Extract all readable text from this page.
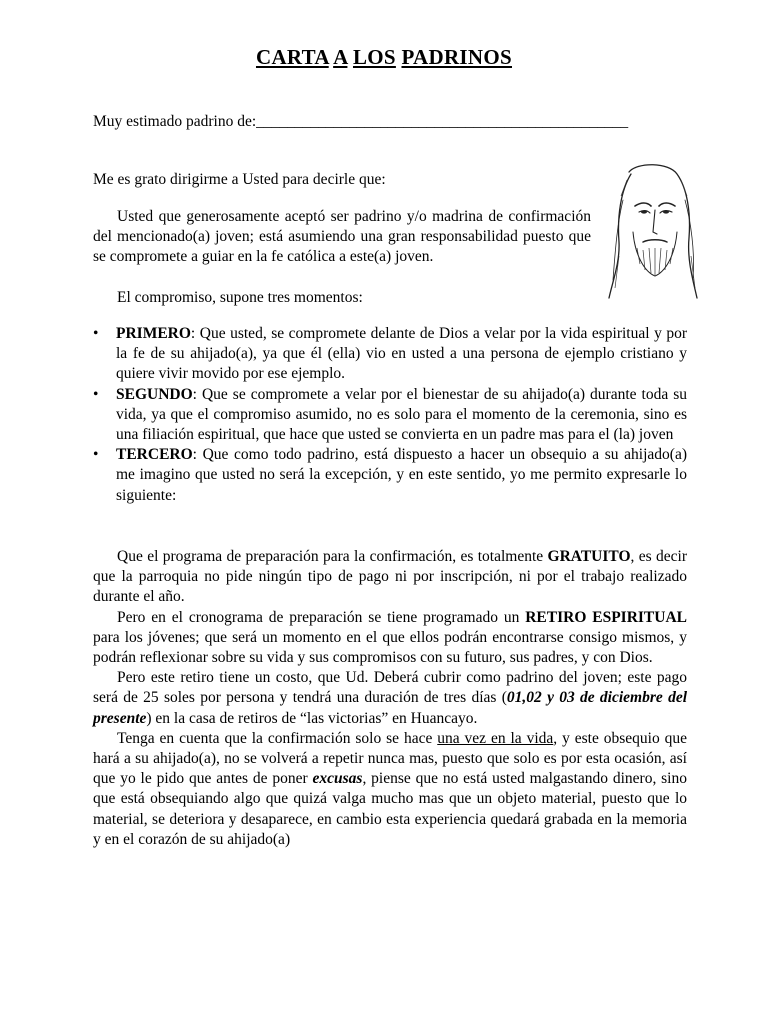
CARTA A LOS PADRINOS
Muy estimado padrino de:________________________________________________
Me es grato dirigirme a Usted para decirle que:

Usted que generosamente aceptó ser padrino y/o madrina de confirmación del mencionado(a) joven; está asumiendo una gran responsabilidad puesto que se compromete a guiar en la fe católica a este(a) joven.

El compromiso, supone tres momentos:
• PRIMERO: Que usted, se compromete delante de Dios a velar por la vida espiritual y por la fe de su ahijado(a), ya que él (ella) vio en usted a una persona de ejemplo cristiano y quiere vivir movido por ese ejemplo.
• SEGUNDO: Que se compromete a velar por el bienestar de su ahijado(a) durante toda su vida, ya que el compromiso asumido, no es solo para el momento de la ceremonia, sino es una filiación espiritual, que hace que usted se convierta en un padre mas para el (la) joven
• TERCERO: Que como todo padrino, está dispuesto a hacer un obsequio a su ahijado(a) me imagino que usted no será la excepción, y en este sentido, yo me permito expresarle lo siguiente:

Que el programa de preparación para la confirmación, es totalmente GRATUITO, es decir que la parroquia no pide ningún tipo de pago ni por inscripción, ni por el trabajo realizado durante el año.

Pero en el cronograma de preparación se tiene programado un RETIRO ESPIRITUAL para los jóvenes; que será un momento en el que ellos podrán encontrarse consigo mismos, y podrán reflexionar sobre su vida y sus compromisos con su futuro, sus padres, y con Dios.

Pero este retiro tiene un costo, que Ud. Deberá cubrir como padrino del joven; este pago será de 25 soles por persona y tendrá una duración de tres días (01,02 y 03 de diciembre del presente) en la casa de retiros de “las victorias” en Huancayo.

Tenga en cuenta que la confirmación solo se hace una vez en la vida, y este obsequio que hará a su ahijado(a), no se volverá a repetir nunca mas, puesto que solo es por esta ocasión, así que yo le pido que antes de poner excusas, piense que no está usted malgastando dinero, sino que está obsequiando algo que quizá valga mucho mas que un objeto material, puesto que lo material, se deteriora y desaparece, en cambio esta experiencia quedará grabada en la memoria y en el corazón de su ahijado(a)
